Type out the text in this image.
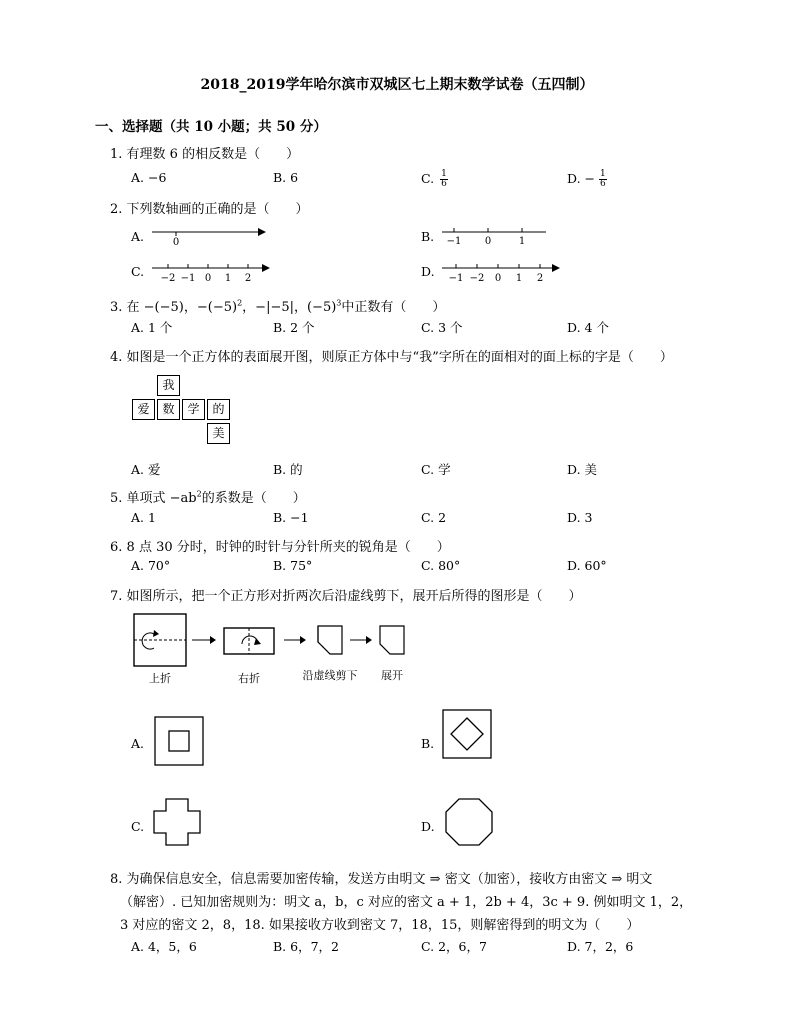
2018_2019学年哈尔滨市双城区七上期末数学试卷（五四制）
一、选择题（共 10 小题；共 50 分）
1. 有理数 6 的相反数是（　　）
A. −6	B. 6	C. $\frac{1}{6}$	D. − $\frac{1}{6}$
2. 下列数轴画的正确的是（　　）
A.	0	B. −1 0	1
C. −2 −1 0 1 2	D. −1 −2 0 1 2
3. 在 −(−5)，$-(-5)^2$，−|−5|，$(-5)^3$中正数有（　　）
A. 1 个	B. 2 个	C. 3 个	D. 4 个
4. 如图是一个正方体的表面展开图，则原正方体中与“我”字所在的面相对的面上标的字是（　　）
我
爱	数	学	的
美
A. 爱	B. 的	C. 学	D. 美
5. 单项式 $-ab^2$的系数是（　　）
A. 1	B. −1	C. 2	D. 3
6. 8 点 30 分时，时钟的时针与分针所夹的锐角是（　　）
A. 70°	B. 75°	C. 80°	D. 60°
7. 如图所示，把一个正方形对折两次后沿虚线剪下，展开后所得的图形是（　　）
上折	右折	沿虚线剪下 展开
A.	B.
C.	D.
8. 为确保信息安全，信息需要加密传输，发送方由明文 ⇒ 密文（加密），接收方由密文 ⇒ 明文
（解密）. 已知加密规则为：明文 a，b，c 对应的密文 a + 1，2b + 4，3c + 9. 例如明文 1，2，
3 对应的密文 2，8，18. 如果接收方收到密文 7，18，15，则解密得到的明文为（　　）
A. 4，5，6	B. 6，7，2	C. 2，6，7	D. 7，2，6
